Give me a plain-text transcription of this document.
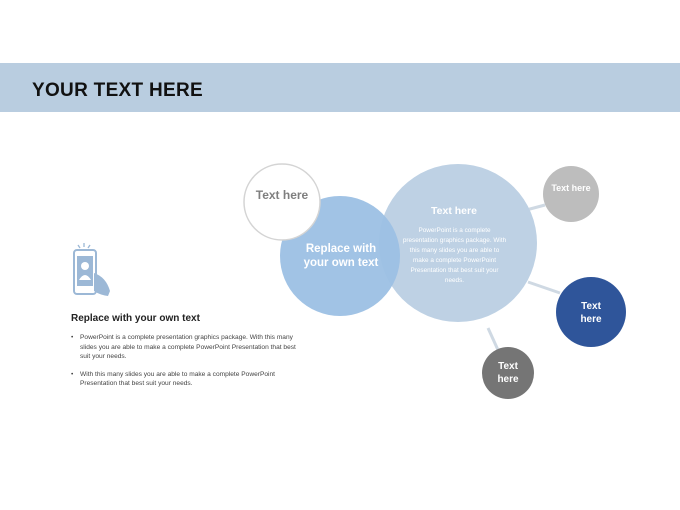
YOUR TEXT HERE
Replace with your own text
• PowerPoint is a complete presentation graphics package. With this many slides you are able to make a complete PowerPoint Presentation that best suit your needs.
• With this many slides you are able to make a complete PowerPoint Presentation that best suit your needs.
Text here
Replace with your own text
Text here
PowerPoint is a complete presentation graphics package. With this many slides you are able to make a complete PowerPoint Presentation that best suit your needs.
Text here
Text here
Text here
